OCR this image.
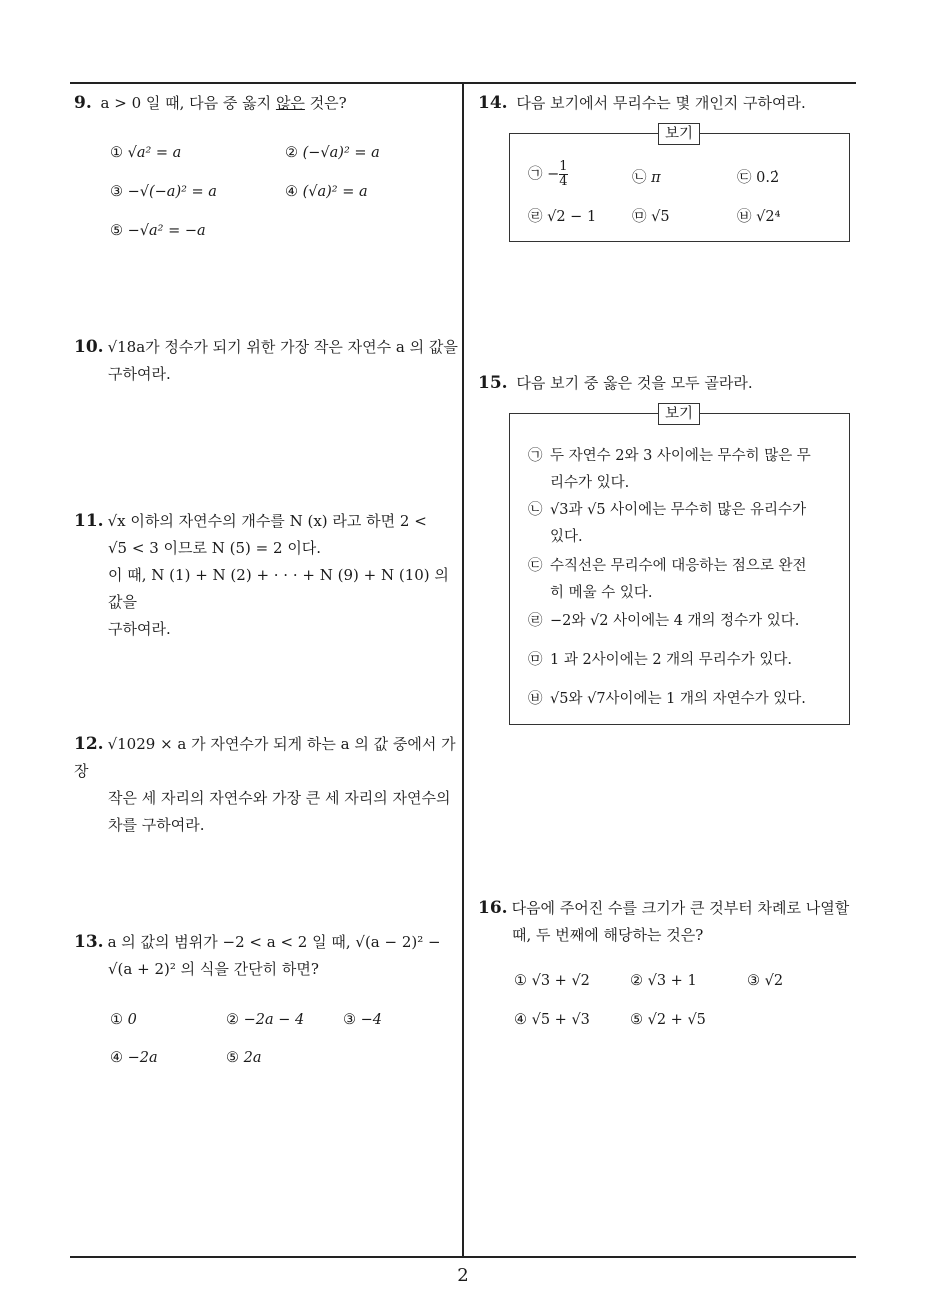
9. a > 0 일 때, 다음 중 옳지 않은 것은?
① √a² = a	② (−√a)² = a
③ −√(−a)² = a	④ (√a)² = a
⑤ −√a² = −a
10. √18a가 정수가 되기 위한 가장 작은 자연수 a 의 값을
구하여라.
11. √x 이하의 자연수의 개수를 N (x) 라고 하면 2 <
√5 < 3 이므로 N (5) = 2 이다.
이 때, N (1) + N (2) + · · · + N (9) + N (10) 의 값을
구하여라.
12. √1029 × a 가 자연수가 되게 하는 a 의 값 중에서 가장
작은 세 자리의 자연수와 가장 큰 세 자리의 자연수의
차를 구하여라.
13. a 의 값의 범위가 −2 < a < 2 일 때, √(a − 2)² −
√(a + 2)² 의 식을 간단히 하면?
① 0	② −2a − 4	③ −4
④ −2a	⑤ 2a
14. 다음 보기에서 무리수는 몇 개인지 구하여라.
보기
㉠ − $\frac{1}{4}$	㉡ π	㉢ 0.2̇
㉣ √2 − 1 ㉤ √5	㉥ √2⁴
15. 다음 보기 중 옳은 것을 모두 골라라.
보기
㉠ 두 자연수 2와 3 사이에는 무수히 많은 무
리수가 있다.
㉡ √3과 √5 사이에는 무수히 많은 유리수가
있다.
㉢ 수직선은 무리수에 대응하는 점으로 완전
히 메울 수 있다.
㉣ −2와 √2 사이에는 4 개의 정수가 있다.
㉤ 1 과 2사이에는 2 개의 무리수가 있다.
㉥ √5와 √7사이에는 1 개의 자연수가 있다.
16. 다음에 주어진 수를 크기가 큰 것부터 차례로 나열할
때, 두 번째에 해당하는 것은?
① √3 + √2	② √3 + 1	③ √2
④ √5 + √3	⑤ √2 + √5
2
